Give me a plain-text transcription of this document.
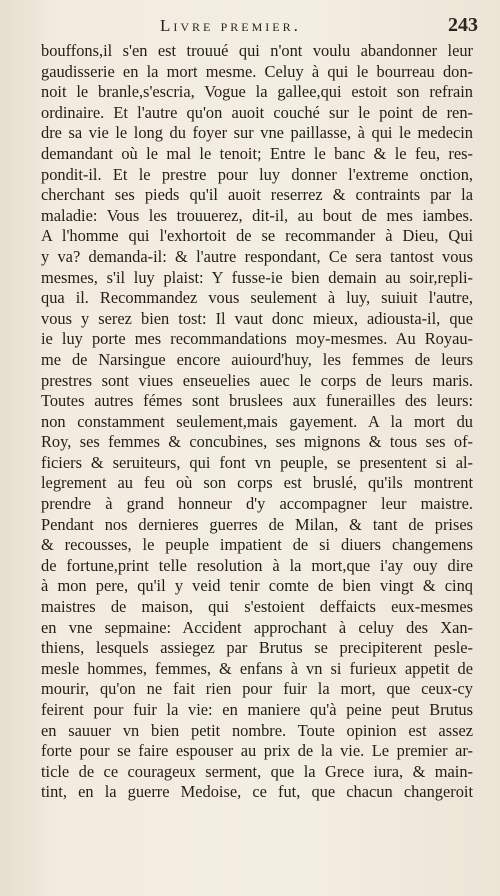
Livre premier.	243
bouffons,il s'en est trouué qui n'ont voulu abandonner leur
gaudisserie en la mort mesme. Celuy à qui le bourreau don-
noit le branle,s'escria, Vogue la gallee,qui estoit son refrain
ordinaire. Et l'autre qu'on auoit couché sur le point de ren-
dre sa vie le long du foyer sur vne paillasse, à qui le medecin
demandant où le mal le tenoit; Entre le banc & le feu, res-
pondit-il. Et le prestre pour luy donner l'extreme onction,
cherchant ses pieds qu'il auoit reserrez & contraints par la
maladie: Vous les trouuerez, dit-il, au bout de mes iambes.
A l'homme qui l'exhortoit de se recommander à Dieu, Qui
y va? demanda-il: & l'autre respondant, Ce sera tantost vous
mesmes, s'il luy plaist: Y fusse-ie bien demain au soir,repli-
qua il. Recommandez vous seulement à luy, suiuit l'autre,
vous y serez bien tost: Il vaut donc mieux, adiousta-il, que
ie luy porte mes recommandations moy-mesmes. Au Royau-
me de Narsingue encore auiourd'huy, les femmes de leurs
prestres sont viues enseuelies auec le corps de leurs maris.
Toutes autres fémes sont bruslees aux funerailles des leurs:
non constamment seulement,mais gayement. A la mort du
Roy, ses femmes & concubines, ses mignons & tous ses of-
ficiers & seruiteurs, qui font vn peuple, se presentent si al-
legrement au feu où son corps est bruslé, qu'ils montrent
prendre à grand honneur d'y accompagner leur maistre.
Pendant nos dernieres guerres de Milan, & tant de prises
& recousses, le peuple impatient de si diuers changemens
de fortune,print telle resolution à la mort,que i'ay ouy dire
à mon pere, qu'il y veid tenir comte de bien vingt & cinq
maistres de maison, qui s'estoient deffaicts eux-mesmes
en vne sepmaine: Accident approchant à celuy des Xan-
thiens, lesquels assiegez par Brutus se precipiterent pesle-
mesle hommes, femmes, & enfans à vn si furieux appetit de
mourir, qu'on ne fait rien pour fuir la mort, que ceux-cy
feirent pour fuir la vie: en maniere qu'à peine peut Brutus
en sauuer vn bien petit nombre. Toute opinion est assez
forte pour se faire espouser au prix de la vie. Le premier ar-
ticle de ce courageux serment, que la Grece iura, & main-
tint, en la guerre Medoise, ce fut, que chacun changeroit
